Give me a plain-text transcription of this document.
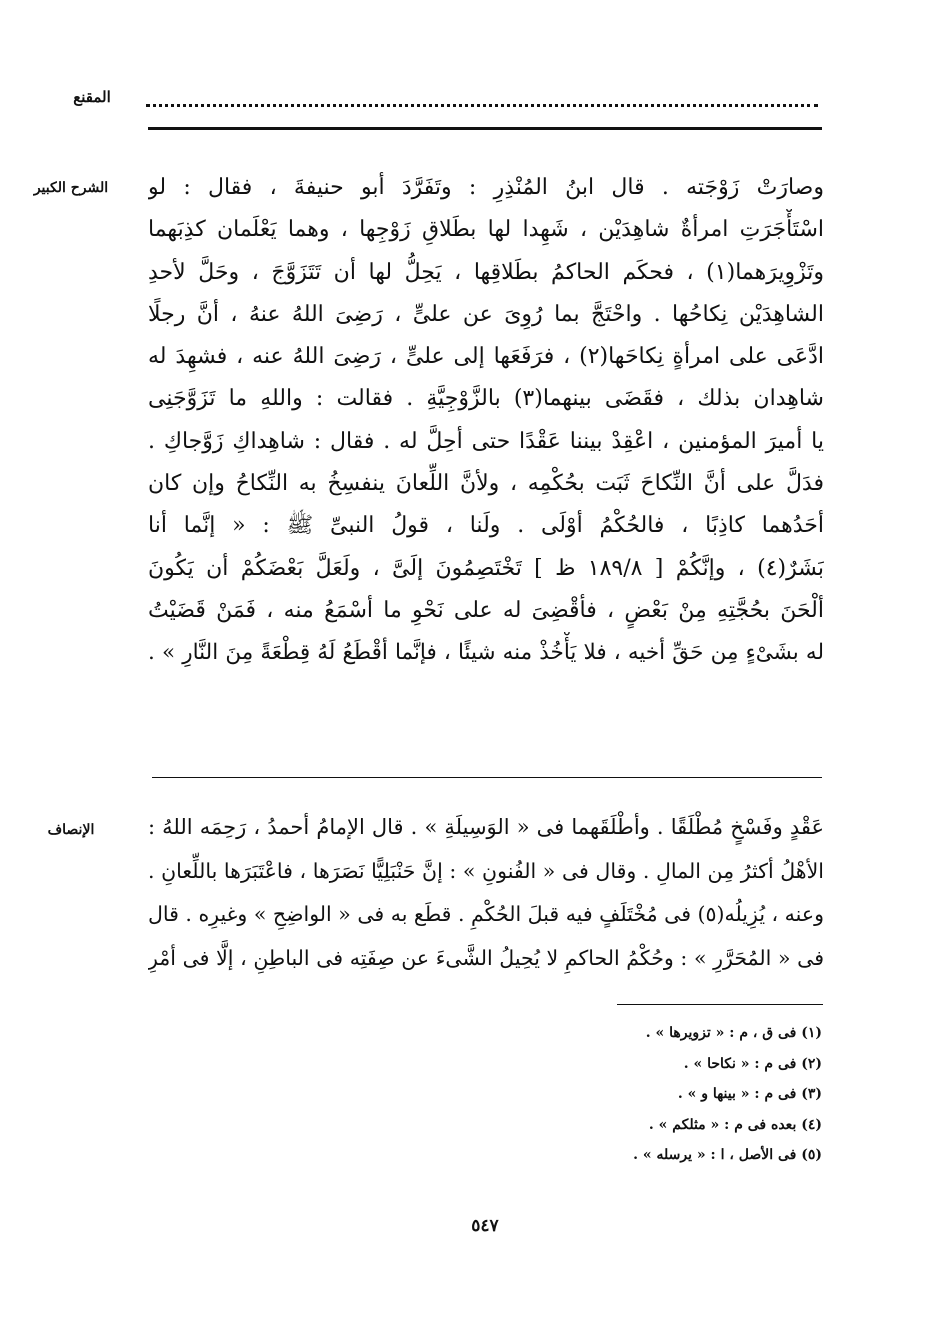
المقنع
الشرح الكبير	وصارَتْ زَوْجَته . قال ابنُ المُنْذِرِ : وتَفَرَّدَ أبو حنيفةَ ، فقال : لو
اسْتَأْجَرَتِ امرأةٌ شاهِدَيْن ، شَهِدا لها بطَلاقِ زَوْجِها ، وهما يَعْلَمان كذِبَهما
وتَزْوِيرَهما(١) ، فحكَم الحاكمُ بطَلاقِها ، يَحِلُّ لها أن تَتَزَوَّجَ ، وحَلَّ لأحدِ
الشاهِدَيْن نِكاحُها . واحْتَجَّ بما رُوِىَ عن علىٍّ ، رَضِىَ اللهُ عنهُ ، أنَّ رجلًا
ادَّعَى على امرأةٍ نِكاحَها(٢) ، فرَفَعَها إلى علىٍّ ، رَضِىَ اللهُ عنه ، فشهِدَ له
شاهِدان بذلك ، فقَضَى بينهما(٣) بالزَّوْجِيَّةِ . فقالت : واللهِ ما تَزَوَّجَنِى
يا أميرَ المؤمنين ، اعْقِدْ بيننا عَقْدًا حتى أحِلَّ له . فقال : شاهِداكِ زَوَّجاكِ .
فدَلَّ على أنَّ النِّكاحَ ثَبَت بحُكْمِه ، ولأنَّ اللِّعانَ ينفسِخُ به النِّكاحُ وإن كان
أحَدُهما كاذِبًا ، فالحُكْمُ أوْلَى . ولَنا ، قولُ النبىِّ ﷺ : « إنَّما أنا
بَشَرٌ(٤) ، وإنَّكُمْ [ ١٨٩/٨ ظ ] تَخْتَصِمُونَ إلَىَّ ، ولَعَلَّ بَعْضَكُمْ أن يَكُونَ
ألْحَنَ بحُجَّتِهِ مِنْ بَعْضٍ ، فأقْضِىَ له على نَحْوِ ما أسْمَعُ منه ، فَمَنْ قَضَيْتُ
له بشَىْءٍ مِن حَقِّ أخيه ، فلا يَأْخُذْ منه شيئًا ، فإنَّما أقْطَعُ لَهُ قِطْعَةً مِنَ النَّارِ » .
الإنصاف	عَقْدٍ وفَسْخٍ مُطْلَقًا . وأطْلَقَهما فى « الوَسِيلَةِ » . قال الإمامُ أحمدُ ، رَحِمَه اللهُ :
الأهْلُ أكثرُ مِن المالِ . وقال فى « الفُنونِ » : إنَّ حَنْبَلِيًّا نَصَرَها ، فاعْتَبَرَها باللِّعانِ .
وعنه ، يُزِيلُه(٥) فى مُخْتَلَفٍ فيه قبلَ الحُكْمِ . قطَع به فى « الواضِحِ » وغيرِه . قال
فى « المُحَرَّرِ » : وحُكْمُ الحاكمِ لا يُحِيلُ الشَّىءَ عن صِفَتِه فى الباطِنِ ، إلَّا فى أمْرِ
(١) فى ق ، م : « تزويرها » .
(٢) فى م : « نكاحا » .
(٣) فى م : « بينها و » .
(٤) بعده فى م : « مثلكم » .
(٥) فى الأصل ، ا : « يرسله » .
٥٤٧
